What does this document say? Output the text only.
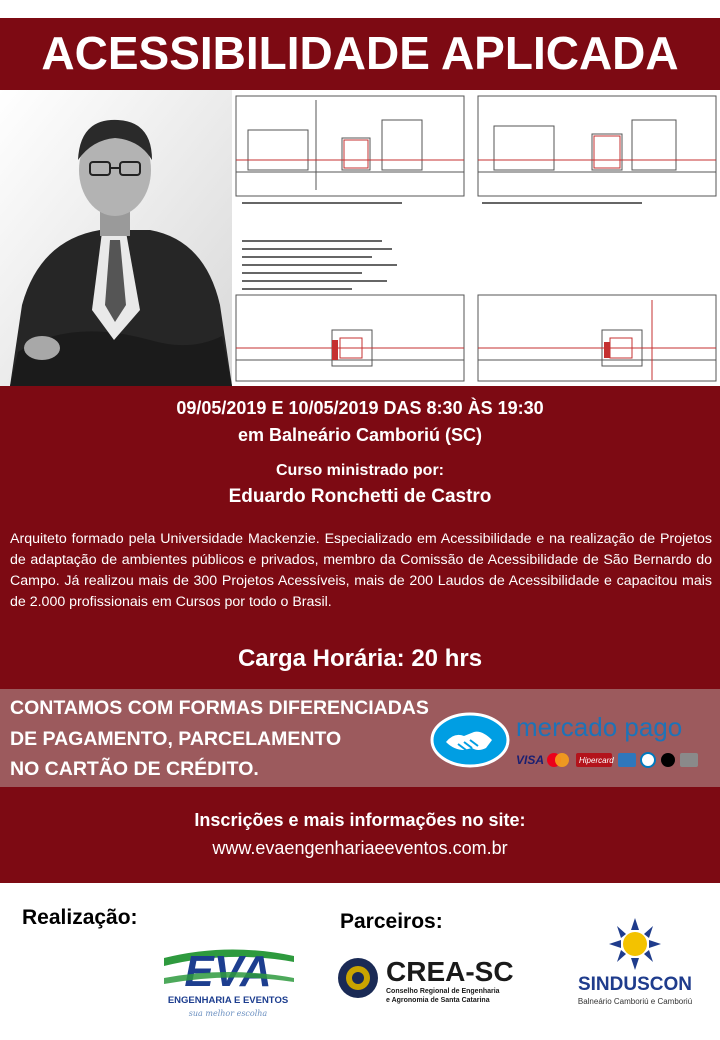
ACESSIBILIDADE APLICADA
09/05/2019 E 10/05/2019 DAS 8:30 ÀS 19:30
em Balneário Camboriú (SC)
Curso ministrado por:
Eduardo Ronchetti de Castro
Arquiteto formado pela Universidade Mackenzie. Especializado em Acessibilidade e na realização de Projetos de adaptação de ambientes públicos e privados, membro da Comissão de Acessibilidade de São Bernardo do Campo. Já realizou mais de 300 Projetos Acessíveis, mais de 200 Laudos de Acessibilidade e capacitou mais de 2.000 profissionais em Cursos por todo o Brasil.
Carga Horária: 20 hrs
CONTAMOS COM FORMAS DIFERENCIADAS
DE PAGAMENTO, PARCELAMENTO
NO CARTÃO DE CRÉDITO.
mercado pago
VISA	Hipercard
Inscrições e mais informações no site:
www.evaengenhariaeeventos.com.br
Realização:	Parceiros:
EVA
ENGENHARIA E EVENTOS
sua melhor escolha
CREA-SC
Conselho Regional de Engenharia
e Agronomia de Santa Catarina
SINDUSCON
Balneário Camboriú e Camboriú
